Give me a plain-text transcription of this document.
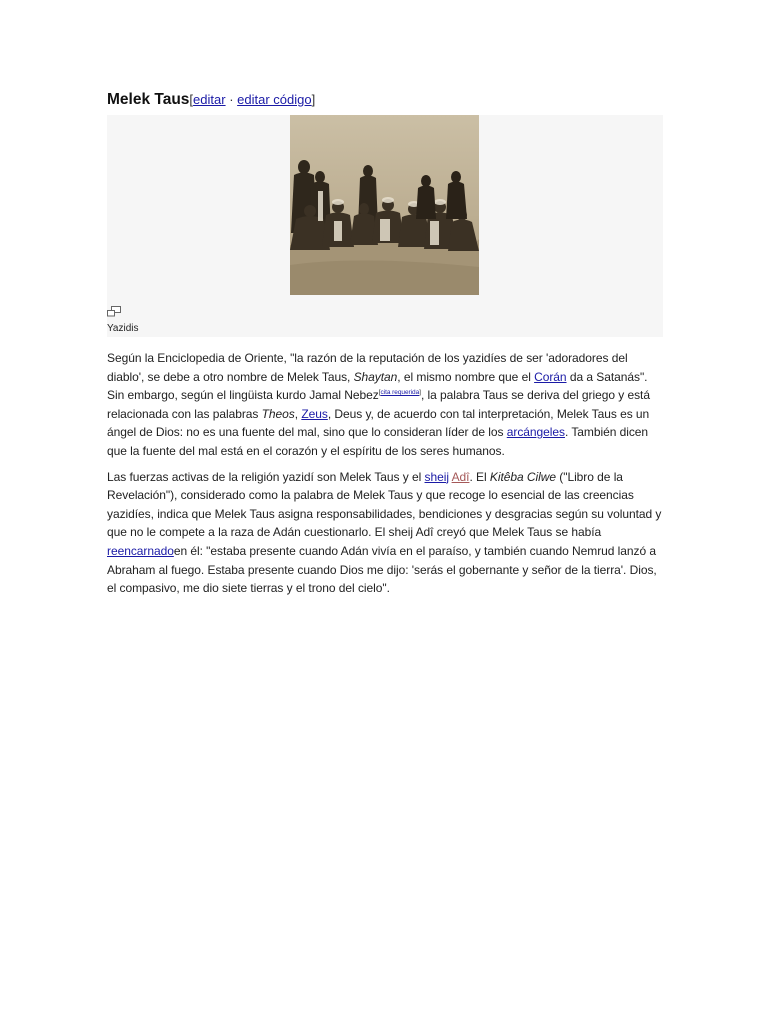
Melek Taus[editar · editar código]
Yazidis

Según la Enciclopedia de Oriente, "la razón de la reputación de los yazidíes de ser 'adoradores del diablo', se debe a otro nombre de Melek Taus, Shaytan, el mismo nombre que el Corán da a Satanás". Sin embargo, según el lingüista kurdo Jamal Nebez[cita requerida], la palabra Taus se deriva del griego y está relacionada con las palabras Theos, Zeus, Deus y, de acuerdo con tal interpretación, Melek Taus es un ángel de Dios: no es una fuente del mal, sino que lo consideran líder de los arcángeles. También dicen que la fuente del mal está en el corazón y el espíritu de los seres humanos.

Las fuerzas activas de la religión yazidí son Melek Taus y el sheij Adî. El Kitêba Cilwe ("Libro de la Revelación"), considerado como la palabra de Melek Taus y que recoge lo esencial de las creencias yazidíes, indica que Melek Taus asigna responsabilidades, bendiciones y desgracias según su voluntad y que no le compete a la raza de Adán cuestionarlo. El sheij Adî creyó que Melek Taus se había reencarnadoen él: "estaba presente cuando Adán vivía en el paraíso, y también cuando Nemrud lanzó a Abraham al fuego. Estaba presente cuando Dios me dijo: 'serás el gobernante y señor de la tierra'. Dios, el compasivo, me dio siete tierras y el trono del cielo".
